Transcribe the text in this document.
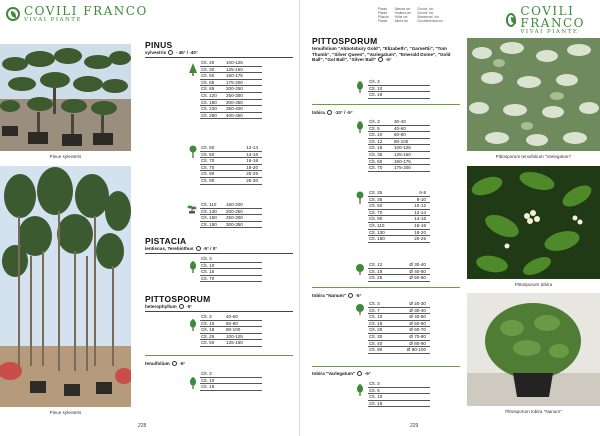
COVILI FRANCO
VIVAI PIANTE
Pinus sylvestris
Pinus sylvestris
PINUS
sylvestris - 45° / -40°
Clt. 25	100-125
Clt. 30	125-150
Clt. 50	150-175
Clt. 65	175-200
Clt. 85	200-250
Clt. 120	250-300
Clt. 180	300-350
Clt. 220	350-400
Clt. 280	400-450
Clt. 50	12-14
Clt. 50	14-16
Clt. 70	16-18
Clt. 70	18-20
Clt. 90	20-25
Clt. 90	25-30
Clt. 110	150-200
Clt. 130	200-250
Clt. 150	250-300
Clt. 180	300-350
PISTACIA
lentiscus, Terebinthus -5° / 0°
Clt. 3
Clt. 10
Clt. 15
Clt. 70
PITTOSPORUM
heterophyllum -5°
Clt. 3	40-60
Clt. 10	60-80
Clt. 18	80-100
Clt. 25	100-125
Clt. 50	125-150
tenuifolium -5°
Clt. 3
Clt. 10
Clt. 18
228
Pianta
Plante
Pflanze
Planta
Altezza cm
Hauteur cm
Höhe cm
Altura cm
Circonf. cm
Circonf. cm
Stammumf. cm
Circunferencia cm
COVILI FRANCO
VIVAI PIANTE
PITTOSPORUM
tenuifolium "Abbotsbury Gold", "Elizabeth", "Garnettii", "Tom Thumb", "Silver Queen", "Variegatum", "Emerald Dome", "Gold Ball", "Gol Ball", "Silver Ball" -5°
Clt. 3
Clt. 10
Clt. 18
tobira -10° / -5°
Clt. 3	30-40
Clt. 5	40-60
Clt. 10	60-80
Clt. 12	80-100
Clt. 18	100-125
Clt. 35	125-150
Clt. 50	150-175
Clt. 70	175-200
Clt. 25	6-8
Clt. 35	8-10
Clt. 50	10-12
Clt. 70	12-14
Clt. 90	14-16
Clt. 110	16-18
Clt. 130	18-20
Clt. 150	20-25
Clt. 12	Ø 30-40
Clt. 18	Ø 40-50
Clt. 25	Ø 50-60
tobira "Nanum" -5°
Clt. 3	Ø 20-30
Clt. 7	Ø 30-40
Clt. 10	Ø 40-50
Clt. 18	Ø 50-60
Clt. 25	Ø 60-70
Clt. 30	Ø 70-80
Clt. 40	Ø 80-90
Clt. 90	Ø 90-100
tobira "Variegatum" -5°
Clt. 3
Clt. 5
Clt. 10
Clt. 18
Pittosporum tenuifolium "Variegatum"
Pittosporum tobira
Pittosporum tobira "Nanum"
229
